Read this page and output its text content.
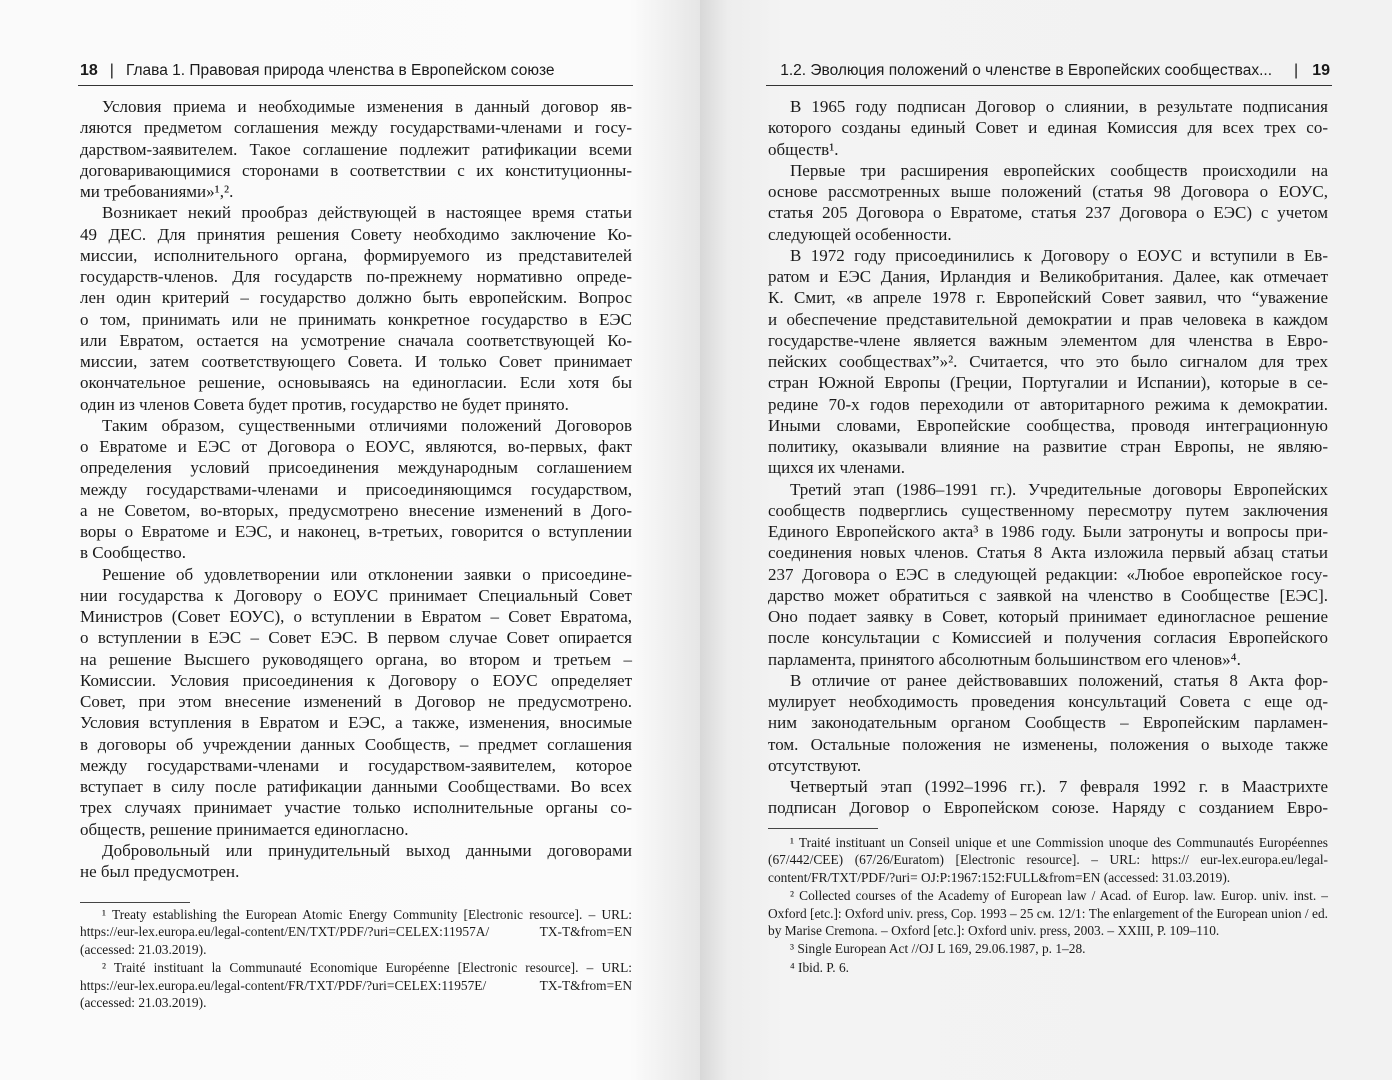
18 | Глава 1. Правовая природа членства в Европейском союзе
Условия приема и необходимые изменения в данный договор яв-
ляются предметом соглашения между государствами-членами и госу-
дарством-заявителем. Такое соглашение подлежит ратификации всеми
договаривающимися сторонами в соответствии с их конституционны-
ми требованиями»¹,².
Возникает некий прообраз действующей в настоящее время статьи
49 ДЕС. Для принятия решения Совету необходимо заключение Ко-
миссии, исполнительного органа, формируемого из представителей
государств-членов. Для государств по-прежнему нормативно опреде-
лен один критерий – государство должно быть европейским. Вопрос
о том, принимать или не принимать конкретное государство в ЕЭС
или Евратом, остается на усмотрение сначала соответствующей Ко-
миссии, затем соответствующего Совета. И только Совет принимает
окончательное решение, основываясь на единогласии. Если хотя бы
один из членов Совета будет против, государство не будет принято.
Таким образом, существенными отличиями положений Договоров
о Евратоме и ЕЭС от Договора о ЕОУС, являются, во-первых, факт
определения условий присоединения международным соглашением
между государствами-членами и присоединяющимся государством,
а не Советом, во-вторых, предусмотрено внесение изменений в Дого-
воры о Евратоме и ЕЭС, и наконец, в-третьих, говорится о вступлении
в Сообщество.
Решение об удовлетворении или отклонении заявки о присоедине-
нии государства к Договору о ЕОУС принимает Специальный Совет
Министров (Совет ЕОУС), о вступлении в Евратом – Совет Евратома,
о вступлении в ЕЭС – Совет ЕЭС. В первом случае Совет опирается
на решение Высшего руководящего органа, во втором и третьем –
Комиссии. Условия присоединения к Договору о ЕОУС определяет
Совет, при этом внесение изменений в Договор не предусмотрено.
Условия вступления в Евратом и ЕЭС, а также, изменения, вносимые
в договоры об учреждении данных Сообществ, – предмет соглашения
между государствами-членами и государством-заявителем, которое
вступает в силу после ратификации данными Сообществами. Во всех
трех случаях принимает участие только исполнительные органы со-
обществ, решение принимается единогласно.
Добровольный или принудительный выход данными договорами
не был предусмотрен.
¹ Treaty establishing the European Atomic Energy Community [Electronic resource]. – URL: https://eur-lex.europa.eu/legal-content/EN/TXT/PDF/?uri=CELEX:11957A/ TX-T&from=EN (accessed: 21.03.2019).
² Traité instituant la Communauté Economique Européenne [Electronic resource]. – URL: https://eur-lex.europa.eu/legal-content/FR/TXT/PDF/?uri=CELEX:11957E/ TX-T&from=EN (accessed: 21.03.2019).
1.2. Эволюция положений о членстве в Европейских сообществах... | 19
В 1965 году подписан Договор о слиянии, в результате подписания
которого созданы единый Совет и единая Комиссия для всех трех со-
обществ¹.
Первые три расширения европейских сообществ происходили на
основе рассмотренных выше положений (статья 98 Договора о ЕОУС,
статья 205 Договора о Евратоме, статья 237 Договора о ЕЭС) с учетом
следующей особенности.
В 1972 году присоединились к Договору о ЕОУС и вступили в Ев-
ратом и ЕЭС Дания, Ирландия и Великобритания. Далее, как отмечает
К. Смит, «в апреле 1978 г. Европейский Совет заявил, что “уважение
и обеспечение представительной демократии и прав человека в каждом
государстве-члене является важным элементом для членства в Евро-
пейских сообществах”»². Считается, что это было сигналом для трех
стран Южной Европы (Греции, Португалии и Испании), которые в се-
редине 70-х годов переходили от авторитарного режима к демократии.
Иными словами, Европейские сообщества, проводя интеграционную
политику, оказывали влияние на развитие стран Европы, не являю-
щихся их членами.
Третий этап (1986–1991 гг.). Учредительные договоры Европейских
сообществ подверглись существенному пересмотру путем заключения
Единого Европейского акта³ в 1986 году. Были затронуты и вопросы при-
соединения новых членов. Статья 8 Акта изложила первый абзац статьи
237 Договора о ЕЭС в следующей редакции: «Любое европейское госу-
дарство может обратиться с заявкой на членство в Сообществе [ЕЭС].
Оно подает заявку в Совет, который принимает единогласное решение
после консультации с Комиссией и получения согласия Европейского
парламента, принятого абсолютным большинством его членов»⁴.
В отличие от ранее действовавших положений, статья 8 Акта фор-
мулирует необходимость проведения консультаций Совета с еще од-
ним законодательным органом Сообществ – Европейским парламен-
том. Остальные положения не изменены, положения о выходе также
отсутствуют.
Четвертый этап (1992–1996 гг.). 7 февраля 1992 г. в Маастрихте
подписан Договор о Европейском союзе. Наряду с созданием Евро-
¹ Traité instituant un Conseil unique et une Commission unoque des Communautés Européennes (67/442/CEE) (67/26/Euratom) [Electronic resource]. – URL: https:// eur-lex.europa.eu/legal-content/FR/TXT/PDF/?uri= OJ:P:1967:152:FULL&from=EN (accessed: 31.03.2019).
² Collected courses of the Academy of European law / Acad. of Europ. law. Europ. univ. inst. – Oxford [etc.]: Oxford univ. press, Cop. 1993 – 25 см. 12/1: The enlargement of the European union / ed. by Marise Cremona. – Oxford [etc.]: Oxford univ. press, 2003. – XXIII, P. 109–110.
³ Single European Act //OJ L 169, 29.06.1987, p. 1–28.
⁴ Ibid. P. 6.
